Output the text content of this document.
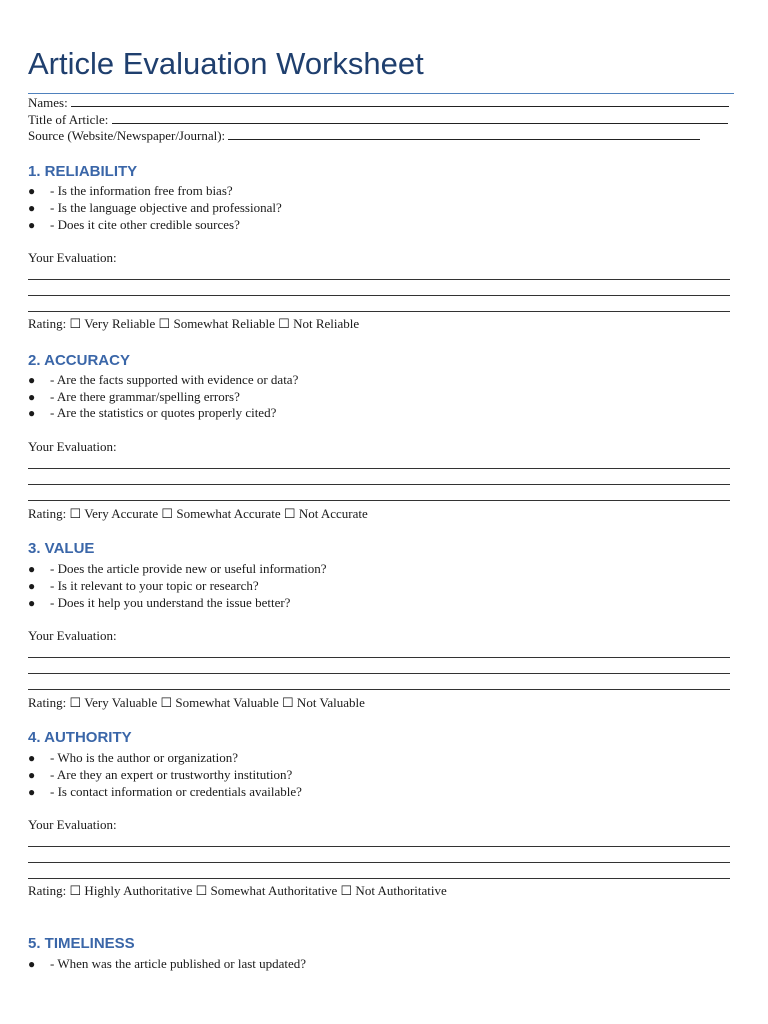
Article Evaluation Worksheet
Names:
Title of Article:
Source (Website/Newspaper/Journal):
1. RELIABILITY
● - Is the information free from bias?
● - Is the language objective and professional?
● - Does it cite other credible sources?
Your Evaluation:
Rating: ☐ Very Reliable ☐ Somewhat Reliable ☐ Not Reliable
2. ACCURACY
● - Are the facts supported with evidence or data?
● - Are there grammar/spelling errors?
● - Are the statistics or quotes properly cited?
Your Evaluation:
Rating: ☐ Very Accurate ☐ Somewhat Accurate ☐ Not Accurate
3. VALUE
● - Does the article provide new or useful information?
● - Is it relevant to your topic or research?
● - Does it help you understand the issue better?
Your Evaluation:
Rating: ☐ Very Valuable ☐ Somewhat Valuable ☐ Not Valuable
4. AUTHORITY
● - Who is the author or organization?
● - Are they an expert or trustworthy institution?
● - Is contact information or credentials available?
Your Evaluation:
Rating: ☐ Highly Authoritative ☐ Somewhat Authoritative ☐ Not Authoritative
5. TIMELINESS
● - When was the article published or last updated?
